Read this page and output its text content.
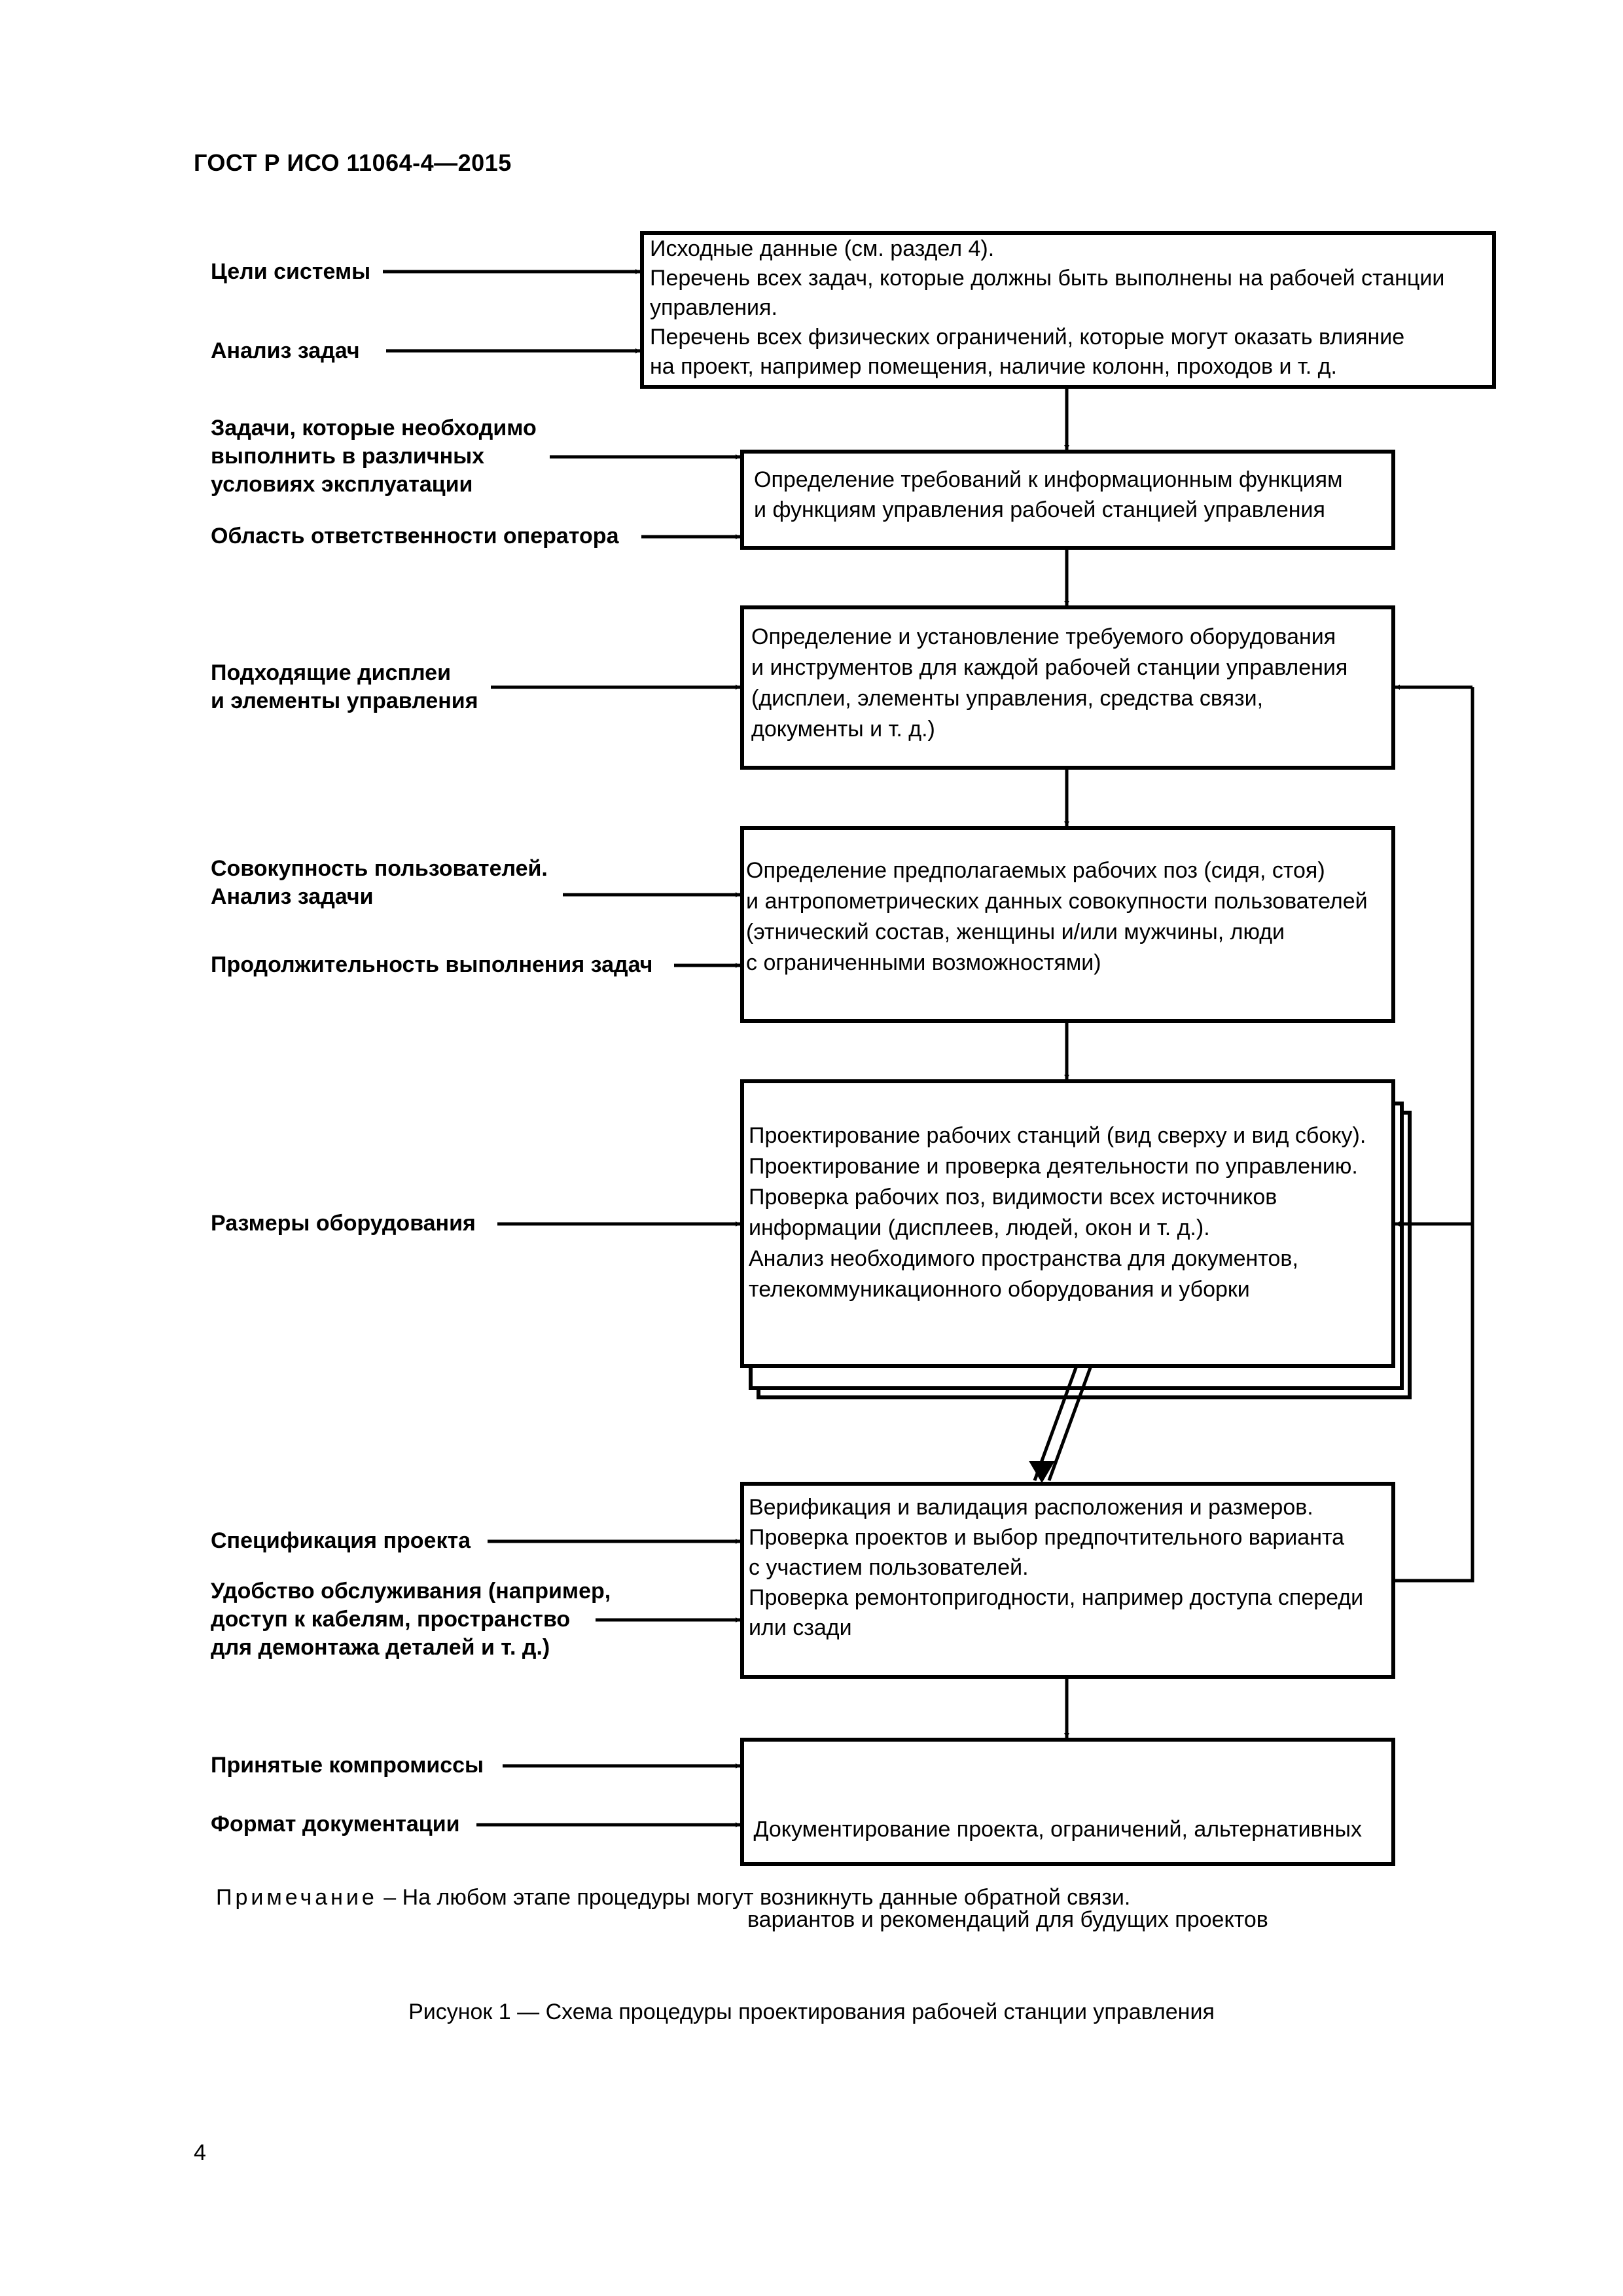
ГОСТ Р ИСО 11064-4—2015
Исходные данные (см. раздел 4).
Перечень всех задач, которые должны быть выполнены на рабочей станции
управления.
Перечень всех физических ограничений, которые могут оказать влияние
на проект, например помещения, наличие колонн, проходов и т. д.
Определение требований к информационным функциям
и функциям управления рабочей станцией управления
Определение и установление требуемого оборудования
и инструментов для каждой рабочей станции управления
(дисплеи, элементы управления, средства связи,
документы и т. д.)
Определение предполагаемых рабочих поз (сидя, стоя)
и антропометрических данных совокупности пользователей
(этнический состав, женщины и/или мужчины, люди
с ограниченными возможностями)
Проектирование рабочих станций (вид сверху и вид сбоку).
Проектирование и проверка деятельности по управлению.
Проверка рабочих поз, видимости всех источников
информации (дисплеев, людей, окон и т. д.).
Анализ необходимого пространства для документов,
телекоммуникационного оборудования и уборки
Верификация и валидация расположения и размеров.
Проверка проектов и выбор предпочтительного варианта
с участием пользователей.
Проверка ремонтопригодности, например доступа спереди
или сзади

Документирование проекта, ограничений, альтернативных

вариантов и рекомендаций для будущих проектов

Цели системы
Анализ задач
Задачи, которые необходимо
выполнить в различных
условиях эксплуатации
Область ответственности оператора
Подходящие дисплеи
и элементы управления
Совокупность пользователей.
Анализ задачи
Продолжительность выполнения задач
Размеры оборудования
Спецификация проекта
Удобство обслуживания (например,
доступ к кабелям, пространство
для демонтажа деталей и т. д.)
Принятые компромиссы
Формат документации
Примечание – На любом этапе процедуры могут возникнуть данные обратной связи.
Рисунок 1 — Схема процедуры проектирования рабочей станции управления
4
